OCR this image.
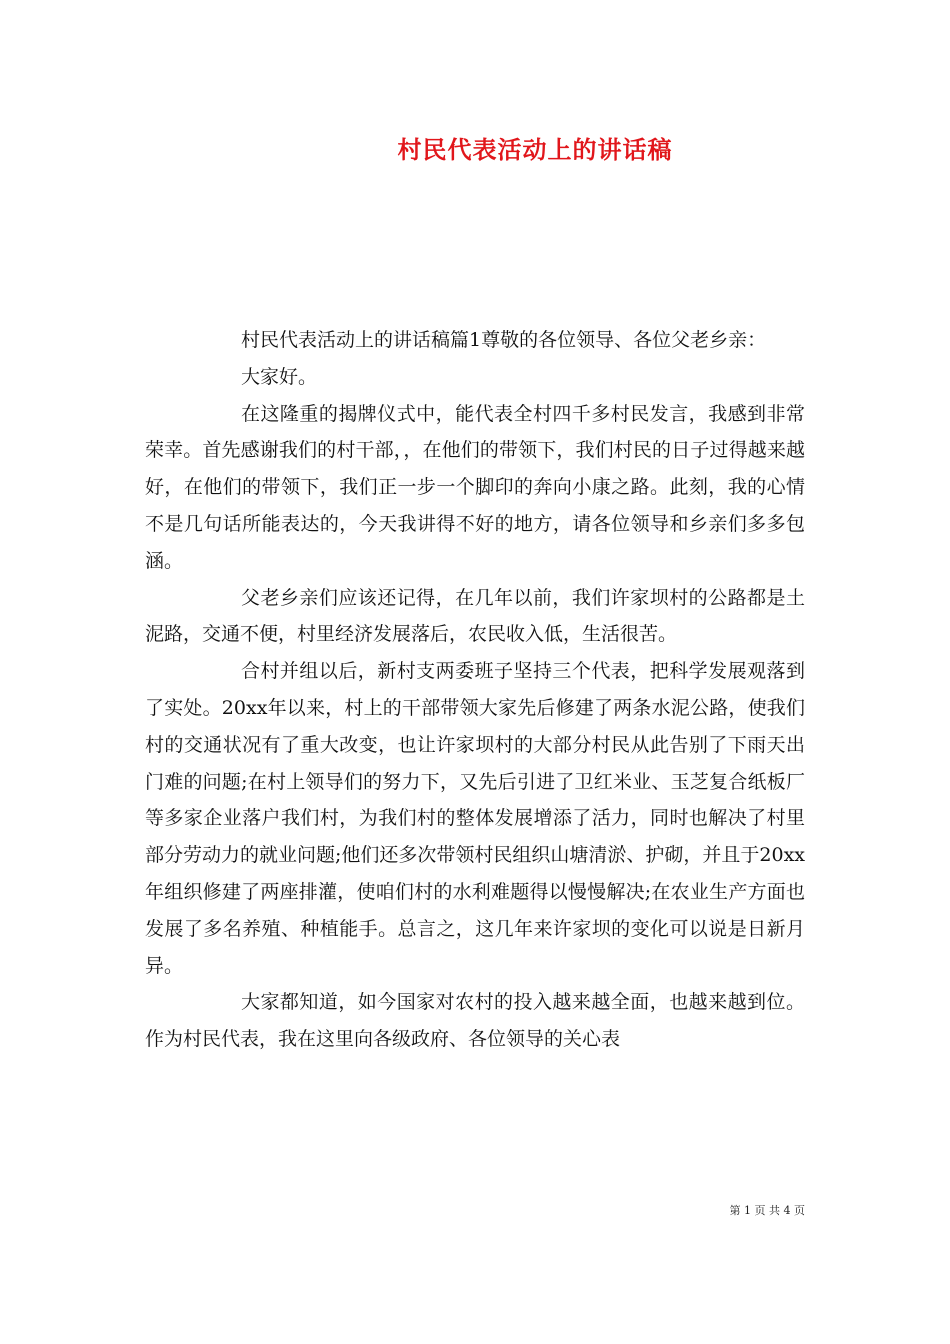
村民代表活动上的讲话稿

村民代表活动上的讲话稿篇1尊敬的各位领导、各位父老乡亲：

大家好。

在这隆重的揭牌仪式中，能代表全村四千多村民发言，我感到非常荣幸。首先感谢我们的村干部，，在他们的带领下，我们村民的日子过得越来越好，在他们的带领下，我们正一步一个脚印的奔向小康之路。此刻，我的心情不是几句话所能表达的，今天我讲得不好的地方，请各位领导和乡亲们多多包涵。

父老乡亲们应该还记得，在几年以前，我们许家坝村的公路都是土泥路，交通不便，村里经济发展落后，农民收入低，生活很苦。

合村并组以后，新村支两委班子坚持三个代表，把科学发展观落到了实处。20xx年以来，村上的干部带领大家先后修建了两条水泥公路，使我们村的交通状况有了重大改变，也让许家坝村的大部分村民从此告别了下雨天出门难的问题;在村上领导们的努力下，又先后引进了卫红米业、玉芝复合纸板厂等多家企业落户我们村，为我们村的整体发展增添了活力，同时也解决了村里部分劳动力的就业问题;他们还多次带领村民组织山塘清淤、护砌，并且于20xx年组织修建了两座排灌，使咱们村的水利难题得以慢慢解决;在农业生产方面也发展了多名养殖、种植能手。总言之，这几年来许家坝的变化可以说是日新月异。

大家都知道，如今国家对农村的投入越来越全面，也越来越到位。作为村民代表，我在这里向各级政府、各位领导的关心表

第 1 页 共 4 页
